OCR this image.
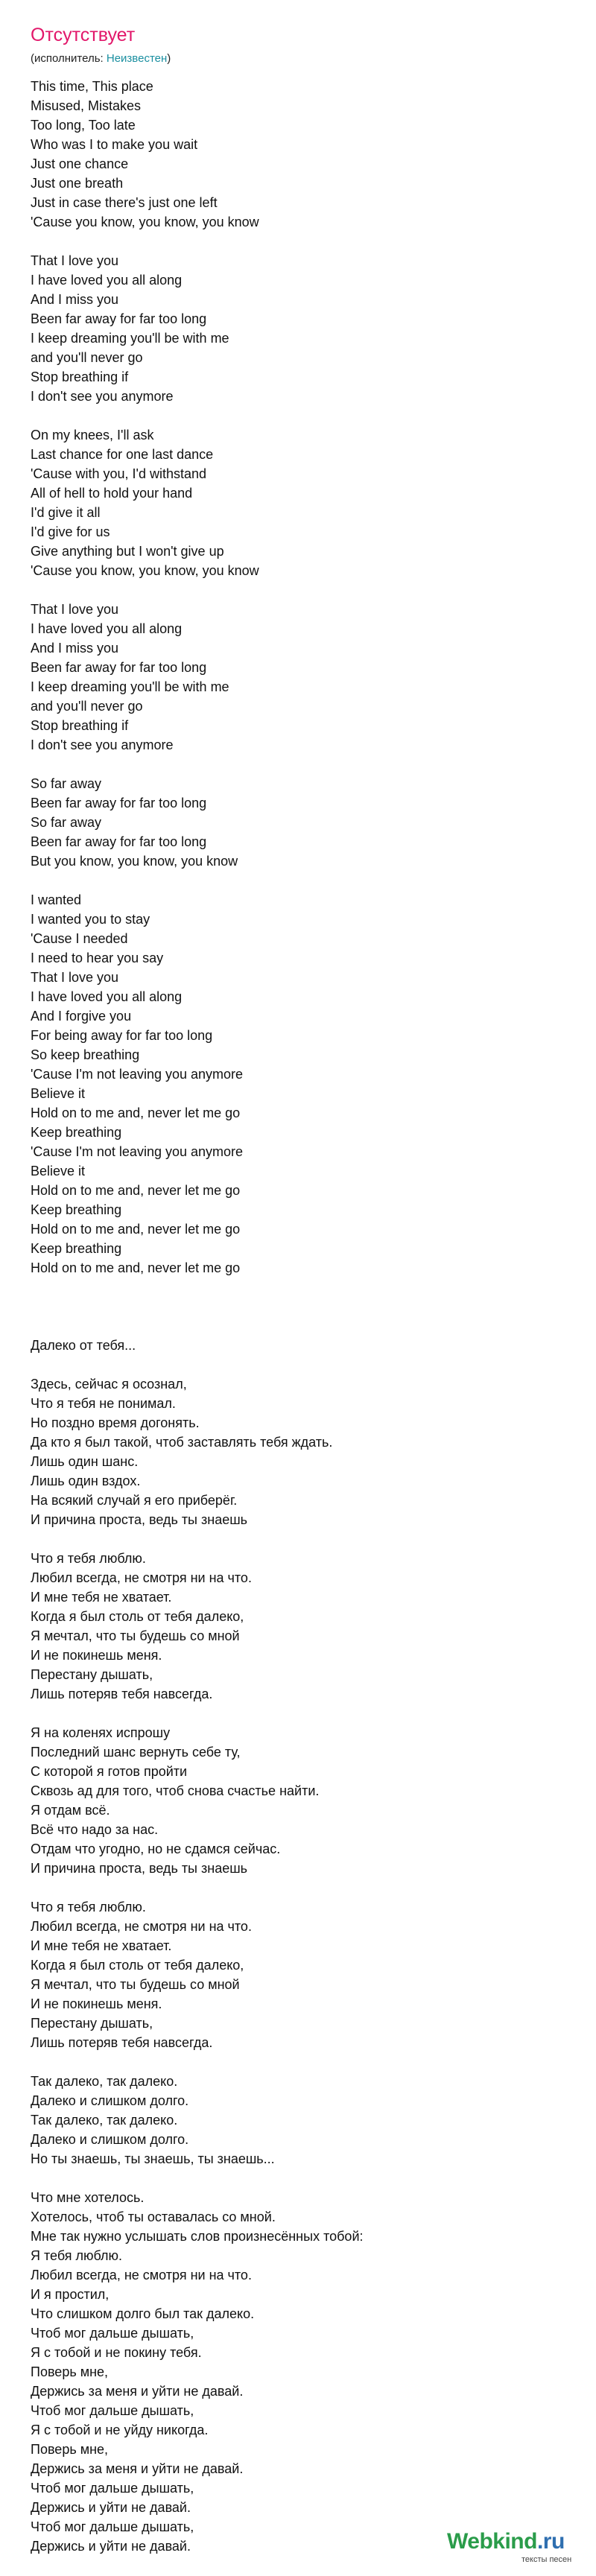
Отсутствует
(исполнитель: Неизвестен)
This time, This place
Misused, Mistakes
Too long, Too late
Who was I to make you wait
Just one chance
Just one breath
Just in case there's just one left
'Cause you know, you know, you know
That I love you
I have loved you all along
And I miss you
Been far away for far too long
I keep dreaming you'll be with me
and you'll never go
Stop breathing if
I don't see you anymore
On my knees, I'll ask
Last chance for one last dance
'Cause with you, I'd withstand
All of hell to hold your hand
I'd give it all
I'd give for us
Give anything but I won't give up
'Cause you know, you know, you know
That I love you
I have loved you all along
And I miss you
Been far away for far too long
I keep dreaming you'll be with me
and you'll never go
Stop breathing if
I don't see you anymore
So far away
Been far away for far too long
So far away
Been far away for far too long
But you know, you know, you know
I wanted
I wanted you to stay
'Cause I needed
I need to hear you say
That I love you
I have loved you all along
And I forgive you
For being away for far too long
So keep breathing
'Cause I'm not leaving you anymore
Believe it
Hold on to me and, never let me go
Keep breathing
'Cause I'm not leaving you anymore
Believe it
Hold on to me and, never let me go
Keep breathing
Hold on to me and, never let me go
Keep breathing
Hold on to me and, never let me go
Далеко от тебя...
Здесь, сейчас я осознал,
Что я тебя не понимал.
Но поздно время догонять.
Да кто я был такой, чтоб заставлять тебя ждать.
Лишь один шанс.
Лишь один вздох.
На всякий случай я его приберёг.
И причина проста, ведь ты знаешь
Что я тебя люблю.
Любил всегда, не смотря ни на что.
И мне тебя не хватает.
Когда я был столь от тебя далеко,
Я мечтал, что ты будешь со мной
И не покинешь меня.
Перестану дышать,
Лишь потеряв тебя навсегда.
Я на коленях испрошу
Последний шанс вернуть себе ту,
С которой я готов пройти
Сквозь ад для того, чтоб снова счастье найти.
Я отдам всё.
Всё что надо за нас.
Отдам что угодно, но не сдамся сейчас.
И причина проста, ведь ты знаешь
Что я тебя люблю.
Любил всегда, не смотря ни на что.
И мне тебя не хватает.
Когда я был столь от тебя далеко,
Я мечтал, что ты будешь со мной
И не покинешь меня.
Перестану дышать,
Лишь потеряв тебя навсегда.
Так далеко, так далеко.
Далеко и слишком долго.
Так далеко, так далеко.
Далеко и слишком долго.
Но ты знаешь, ты знаешь, ты знаешь...
Что мне хотелось.
Хотелось, чтоб ты оставалась со мной.
Мне так нужно услышать слов произнесённых тобой:
Я тебя люблю.
Любил всегда, не смотря ни на что.
И я простил,
Что слишком долго был так далеко.
Чтоб мог дальше дышать,
Я с тобой и не покину тебя.
Поверь мне,
Держись за меня и уйти не давай.
Чтоб мог дальше дышать,
Я с тобой и не уйду никогда.
Поверь мне,
Держись за меня и уйти не давай.
Чтоб мог дальше дышать,
Держись и уйти не давай.
Чтоб мог дальше дышать,
Держись и уйти не давай.	Webkind.ru
тексты песен
